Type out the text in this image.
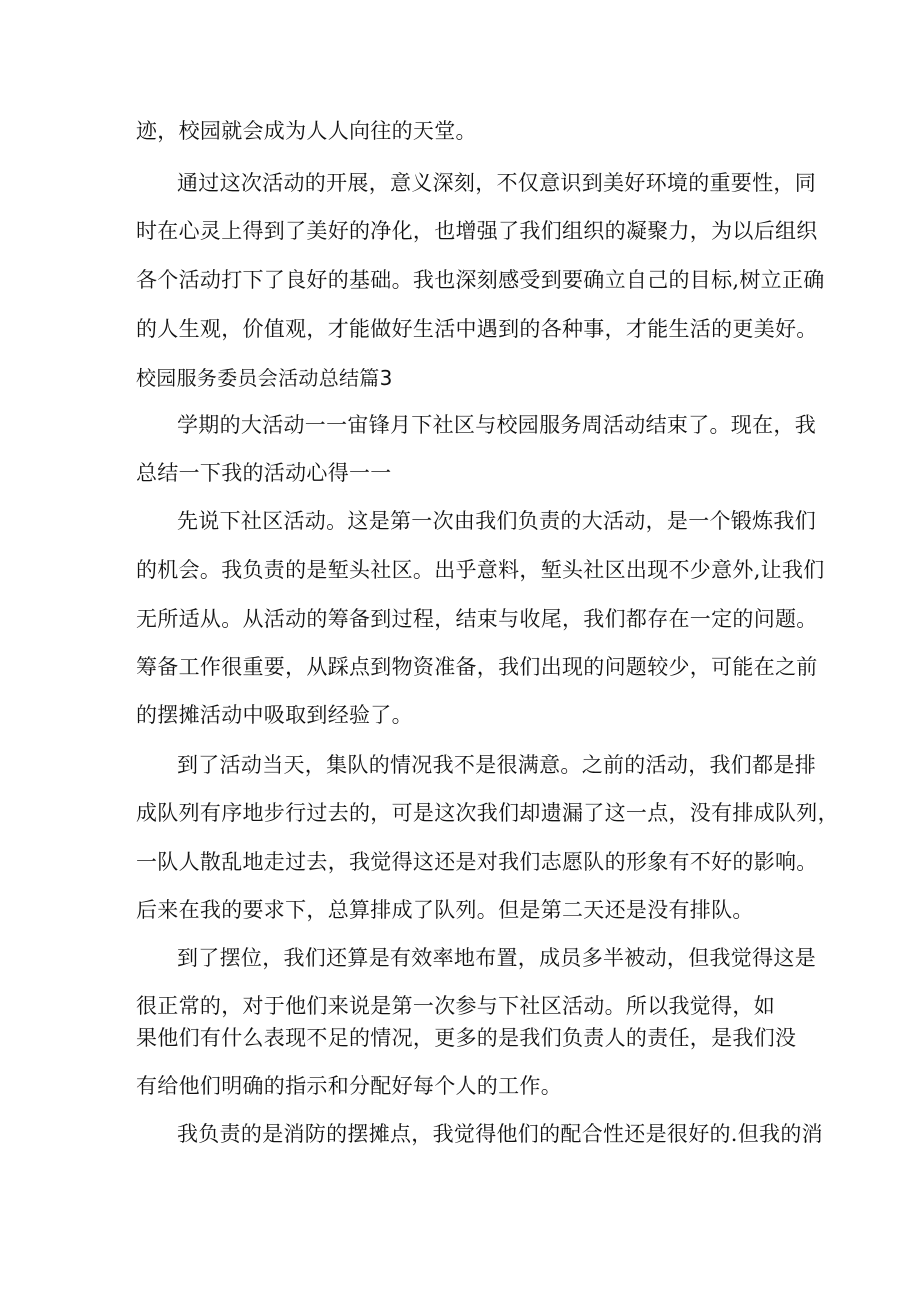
迹，校园就会成为人人向往的天堂。
通过这次活动的开展，意义深刻，不仅意识到美好环境的重要性，同
时在心灵上得到了美好的净化，也增强了我们组织的凝聚力，为以后组织
各个活动打下了良好的基础。我也深刻感受到要确立自己的目标,树立正确
的人生观，价值观，才能做好生活中遇到的各种事，才能生活的更美好。
校园服务委员会活动总结篇3
学期的大活动一一宙锋月下社区与校园服务周活动结束了。现在，我
总结一下我的活动心得一一
先说下社区活动。这是第一次由我们负责的大活动，是一个锻炼我们
的机会。我负责的是堑头社区。出乎意料，堑头社区出现不少意外,让我们
无所适从。从活动的筹备到过程，结束与收尾，我们都存在一定的问题。
筹备工作很重要，从踩点到物资准备，我们出现的问题较少，可能在之前
的摆摊活动中吸取到经验了。
到了活动当天，集队的情况我不是很满意。之前的活动，我们都是排
成队列有序地步行过去的，可是这次我们却遗漏了这一点，没有排成队列，
一队人散乱地走过去，我觉得这还是对我们志愿队的形象有不好的影响。
后来在我的要求下，总算排成了队列。但是第二天还是没有排队。
到了摆位，我们还算是有效率地布置，成员多半被动，但我觉得这是
很正常的，对于他们来说是第一次参与下社区活动。所以我觉得，如
果他们有什么表现不足的情况，更多的是我们负责人的责任，是我们没
有给他们明确的指示和分配好每个人的工作。
我负责的是消防的摆摊点，我觉得他们的配合性还是很好的.但我的消
